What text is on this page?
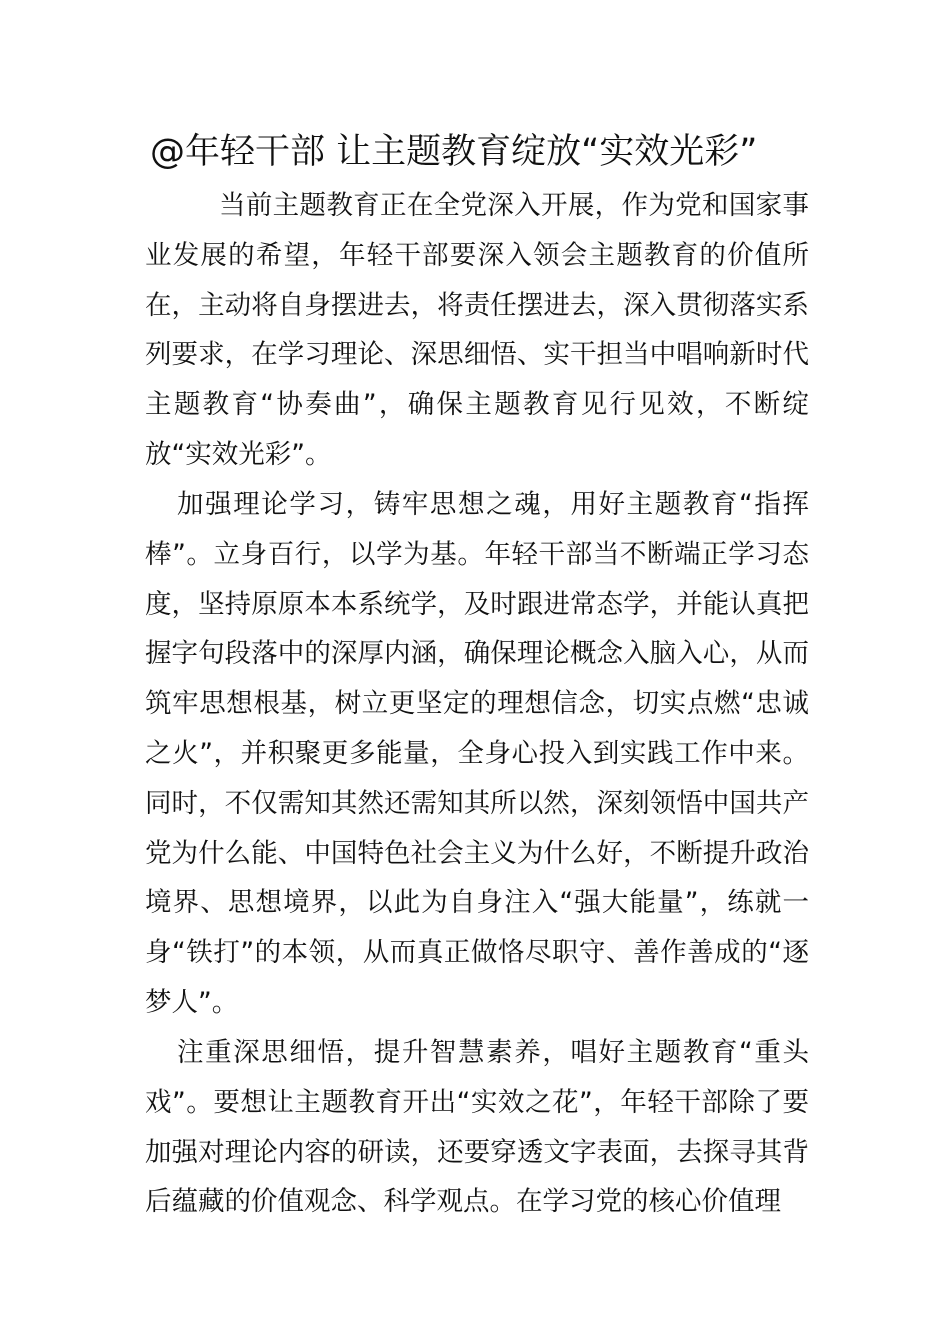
@年轻干部 让主题教育绽放“实效光彩”

当前主题教育正在全党深入开展，作为党和国家事业发展的希望，年轻干部要深入领会主题教育的价值所在，主动将自身摆进去，将责任摆进去，深入贯彻落实系列要求，在学习理论、深思细悟、实干担当中唱响新时代主题教育“协奏曲”，确保主题教育见行见效，不断绽放“实效光彩”。

加强理论学习，铸牢思想之魂，用好主题教育“指挥棒”。立身百行，以学为基。年轻干部当不断端正学习态度，坚持原原本本系统学，及时跟进常态学，并能认真把握字句段落中的深厚内涵，确保理论概念入脑入心，从而筑牢思想根基，树立更坚定的理想信念，切实点燃“忠诚之火”，并积聚更多能量，全身心投入到实践工作中来。同时，不仅需知其然还需知其所以然，深刻领悟中国共产党为什么能、中国特色社会主义为什么好，不断提升政治境界、思想境界，以此为自身注入“强大能量”，练就一身“铁打”的本领，从而真正做恪尽职守、善作善成的“逐梦人”。

注重深思细悟，提升智慧素养，唱好主题教育“重头戏”。要想让主题教育开出“实效之花”，年轻干部除了要加强对理论内容的研读，还要穿透文字表面，去探寻其背后蕴藏的价值观念、科学观点。在学习党的核心价值理
